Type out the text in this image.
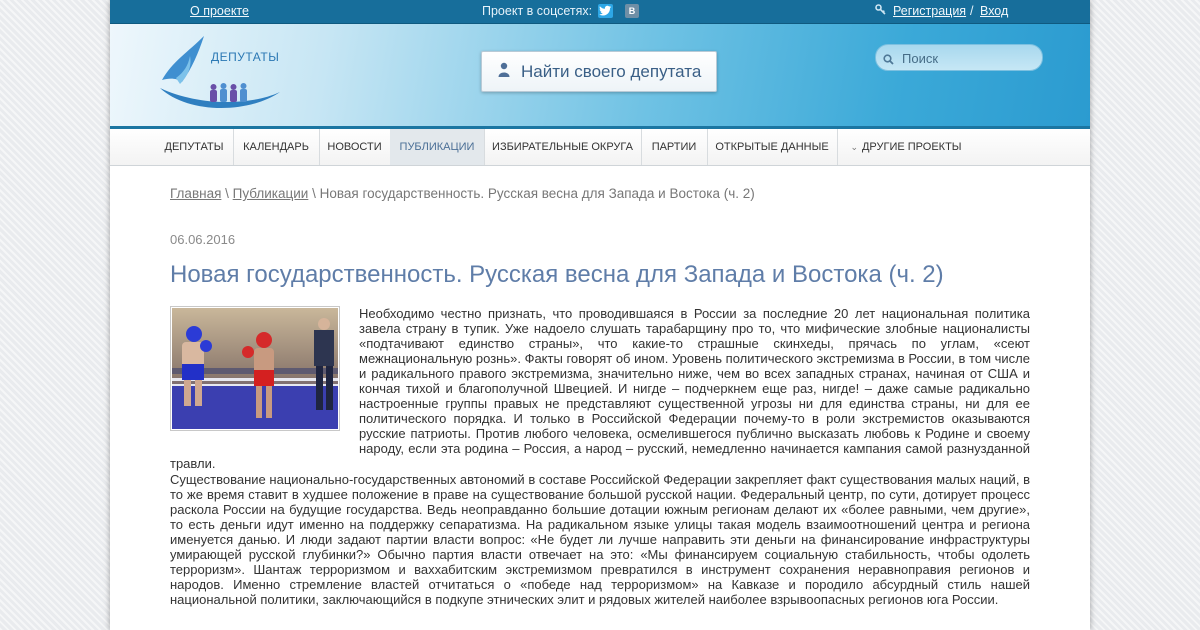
О проекте	Проект в соцсетях:	В	Регистрация / Вход
ДЕПУТАТЫ
Найти своего депутата
Поиск
ДЕПУТАТЫ	КАЛЕНДАРЬ	НОВОСТИ	ПУБЛИКАЦИИ	ИЗБИРАТЕЛЬНЫЕ ОКРУГА	ПАРТИИ	ОТКРЫТЫЕ ДАННЫЕ	⌄ ДРУГИЕ ПРОЕКТЫ
Главная \ Публикации \ Новая государственность. Русская весна для Запада и Востока (ч. 2)
06.06.2016
Новая государственность. Русская весна для Запада и Востока (ч. 2)

Необходимо честно признать, что проводившаяся в России за последние 20 лет национальная политика завела страну в тупик. Уже надоело слушать тарабарщину про то, что мифические злобные националисты «подтачивают единство страны», что какие-то страшные скинхеды, прячась по углам, «сеют межнациональную рознь». Факты говорят об ином. Уровень политического экстремизма в России, в том числе и радикального правого экстремизма, значительно ниже, чем во всех западных странах, начиная от США и кончая тихой и благополучной Швецией. И нигде – подчеркнем еще раз, нигде! – даже самые радикально настроенные группы правых не представляют существенной угрозы ни для единства страны, ни для ее политического порядка. И только в Российской Федерации почему-то в роли экстремистов оказываются русские патриоты. Против любого человека, осмелившегося публично высказать любовь к Родине и своему народу, если эта родина – Россия, а народ – русский, немедленно начинается кампания самой разнузданной травли.

Существование национально-государственных автономий в составе Российской Федерации закрепляет факт существования малых наций, в то же время ставит в худшее положение в праве на существование большой русской нации. Федеральный центр, по сути, дотирует процесс раскола России на будущие государства. Ведь неоправданно большие дотации южным регионам делают их «более равными, чем другие», то есть деньги идут именно на поддержку сепаратизма. На радикальном языке улицы такая модель взаимоотношений центра и региона именуется данью. И люди задают партии власти вопрос: «Не будет ли лучше направить эти деньги на финансирование инфраструктуры умирающей русской глубинки?» Обычно партия власти отвечает на это: «Мы финансируем социальную стабильность, чтобы одолеть терроризм». Шантаж терроризмом и ваххабитским экстремизмом превратился в инструмент сохранения неравноправия регионов и народов. Именно стремление властей отчитаться о «победе над терроризмом» на Кавказе и породило абсурдный стиль нашей национальной политики, заключающийся в подкупе этнических элит и рядовых жителей наиболее взрывоопасных регионов юга России.
